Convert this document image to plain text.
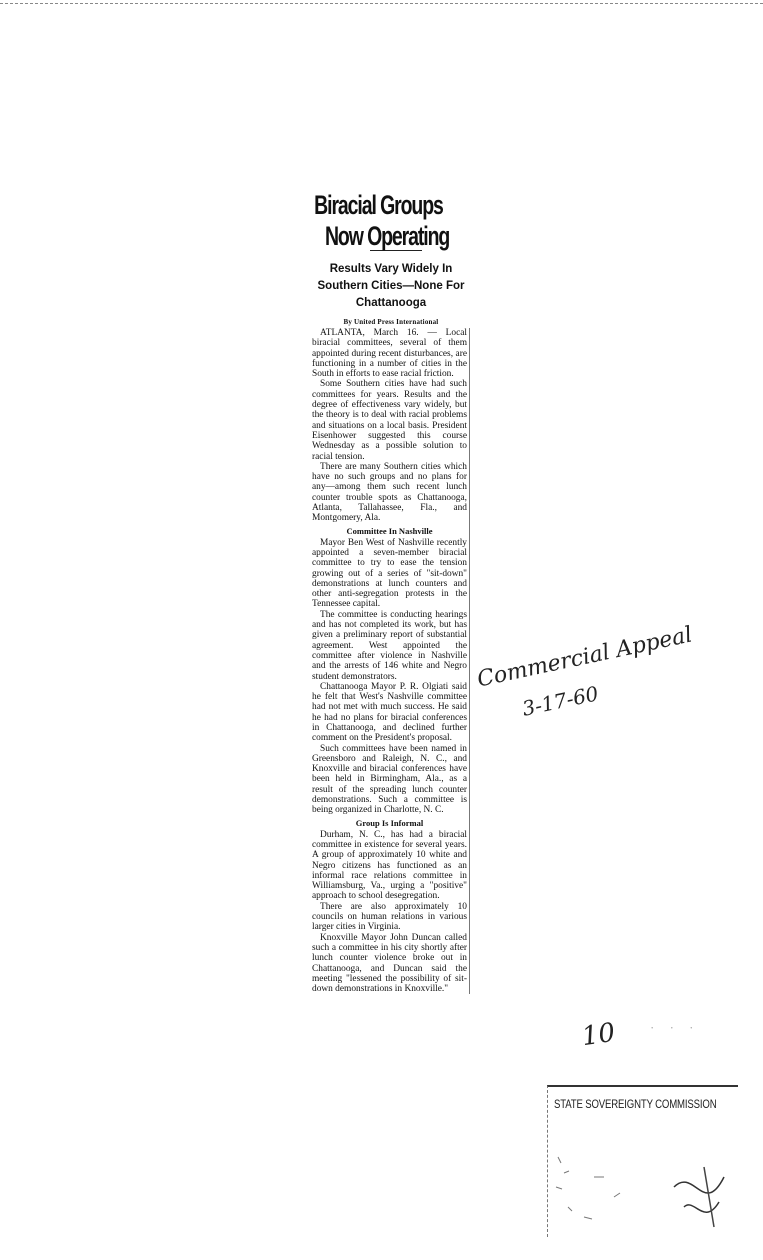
Biracial Groups
Now Operating

Results Vary Widely In Southern Cities—None For Chattanooga

By United Press International

ATLANTA, March 16. — Local biracial committees, several of them appointed during recent disturbances, are functioning in a number of cities in the South in efforts to ease racial friction.

Some Southern cities have had such committees for years. Results and the degree of effectiveness vary widely, but the theory is to deal with racial problems and situations on a local basis. President Eisenhower suggested this course Wednesday as a possible solution to racial tension.

There are many Southern cities which have no such groups and no plans for any—among them such recent lunch counter trouble spots as Chattanooga, Atlanta, Tallahassee, Fla., and Montgomery, Ala.

Committee In Nashville

Mayor Ben West of Nashville recently appointed a seven-member biracial committee to try to ease the tension growing out of a series of "sit-down" demonstrations at lunch counters and other anti-segregation protests in the Tennessee capital.

The committee is conducting hearings and has not completed its work, but has given a preliminary report of substantial agreement. West appointed the committee after violence in Nashville and the arrests of 146 white and Negro student demonstrators.

Chattanooga Mayor P. R. Olgiati said he felt that West's Nashville committee had not met with much success. He said he had no plans for biracial conferences in Chattanooga, and declined further comment on the President's proposal.

Such committees have been named in Greensboro and Raleigh, N. C., and Knoxville and biracial conferences have been held in Birmingham, Ala., as a result of the spreading lunch counter demonstrations. Such a committee is being organized in Charlotte, N. C.

Group Is Informal

Durham, N. C., has had a biracial committee in existence for several years. A group of approximately 10 white and Negro citizens has functioned as an informal race relations committee in Williamsburg, Va., urging a "positive" approach to school desegregation.

There are also approximately 10 councils on human relations in various larger cities in Virginia.

Knoxville Mayor John Duncan called such a committee in his city shortly after lunch counter violence broke out in Chattanooga, and Duncan said the meeting "lessened the possibility of sit-down demonstrations in Knoxville."

Commercial Appeal
3-17-60
10	· · ·
STATE SOVEREIGNTY COMMISSION
